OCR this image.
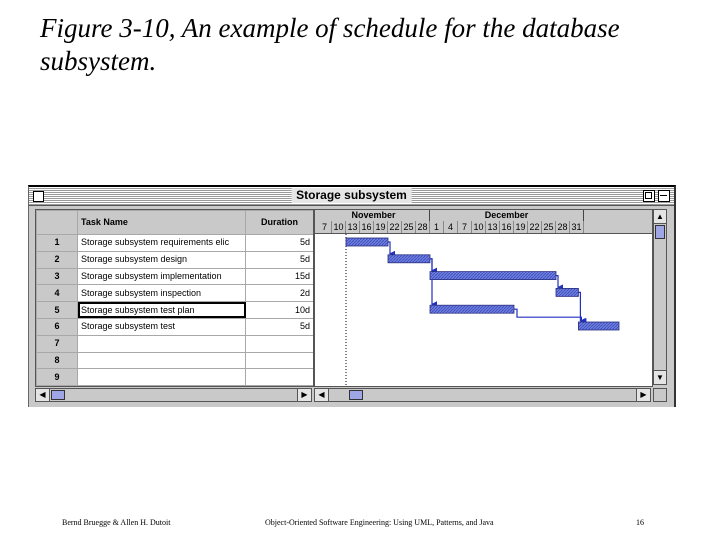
Figure 3-10, An example of schedule for the database
subsystem.
Storage subsystem
	Task Name	Duration
1	Storage subsystem requirements elic	5d
2	Storage subsystem design	5d
3	Storage subsystem implementation	15d
4	Storage subsystem inspection	2d
5	Storage subsystem test plan	10d
6	Storage subsystem test	5d
7		
8		
9		
November	December
7 10 13 16 19 22 25 28 1 4 7 10 13 16 19 22 25 28 31
▲
▼
◀	▶	◀	▶
Bernd Bruegge & Allen H. Dutoit	Object-Oriented Software Engineering: Using UML, Patterns, and Java	16
